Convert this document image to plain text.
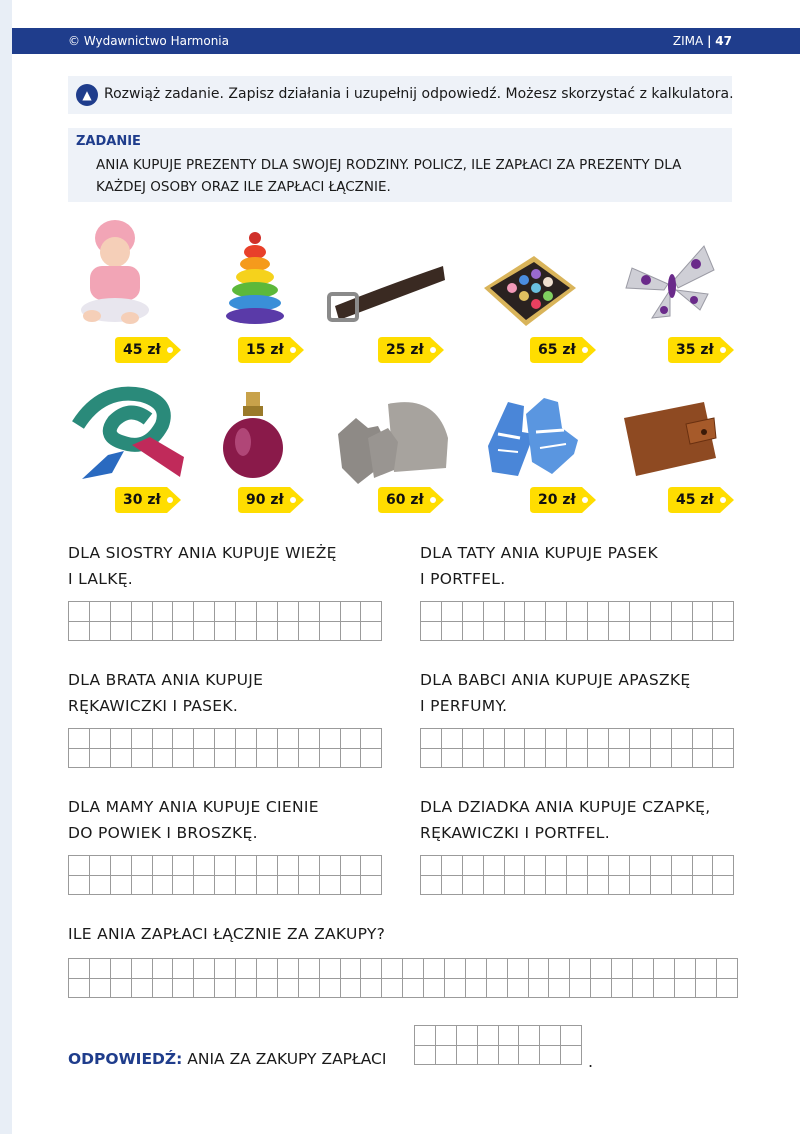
© Wydawnictwo Harmonia	ZIMA | 47
▲ Rozwiąż zadanie. Zapisz działania i uzupełnij odpowiedź. Możesz skorzystać z kalkulatora.
ZADANIE
ANIA KUPUJE PREZENTY DLA SWOJEJ RODZINY. POLICZ, ILE ZAPŁACI ZA PREZENTY DLA KAŻDEJ OSOBY ORAZ ILE ZAPŁACI ŁĄCZNIE.
45 zł	15 zł	25 zł	65 zł	35 zł
30 zł	90 zł	60 zł	20 zł	45 zł
DLA SIOSTRY ANIA KUPUJE WIEŻĘ
I LALKĘ.
DLA TATY ANIA KUPUJE PASEK
I PORTFEL.
DLA BRATA ANIA KUPUJE
RĘKAWICZKI I PASEK.
DLA BABCI ANIA KUPUJE APASZKĘ
I PERFUMY.
DLA MAMY ANIA KUPUJE CIENIE
DO POWIEK I BROSZKĘ.
DLA DZIADKA ANIA KUPUJE CZAPKĘ,
RĘKAWICZKI I PORTFEL.
ILE ANIA ZAPŁACI ŁĄCZNIE ZA ZAKUPY?
ODPOWIEDŹ: ANIA ZA ZAKUPY ZAPŁACI	.
